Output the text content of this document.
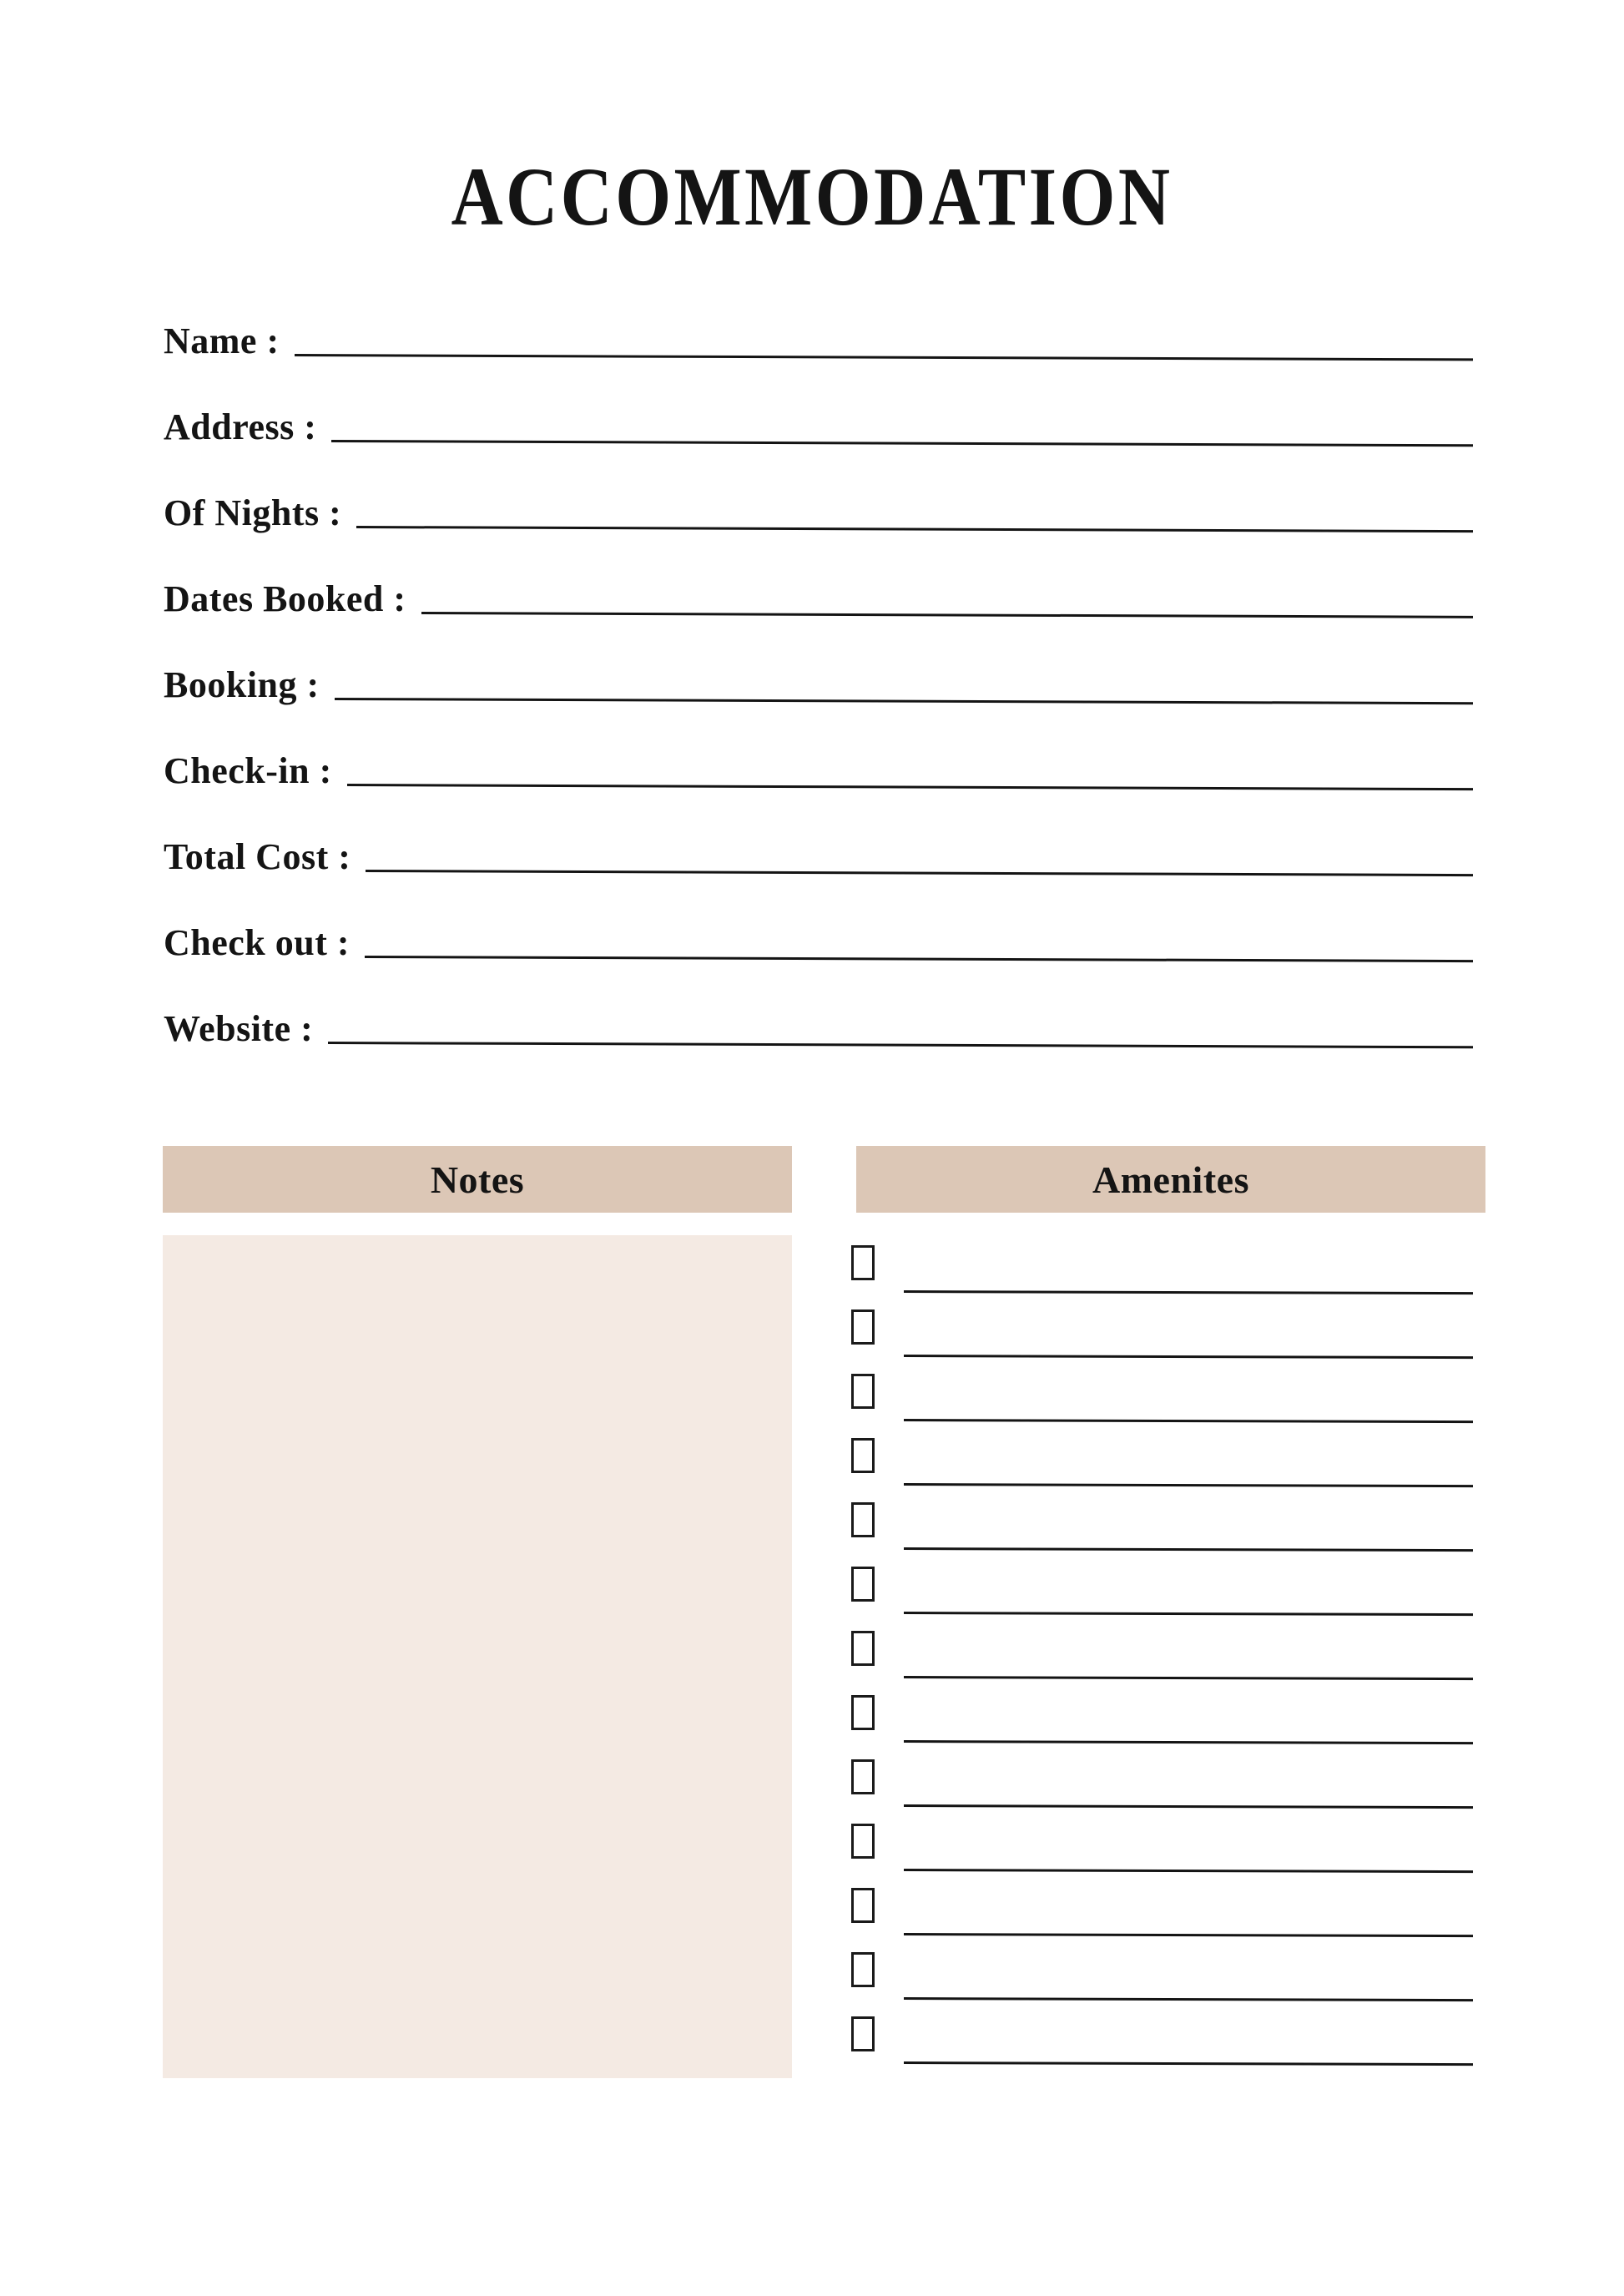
ACCOMMODATION
Name :
Address :
Of Nights :
Dates Booked :
Booking :
Check-in :
Total Cost :
Check out :
Website :
Notes	Amenites
